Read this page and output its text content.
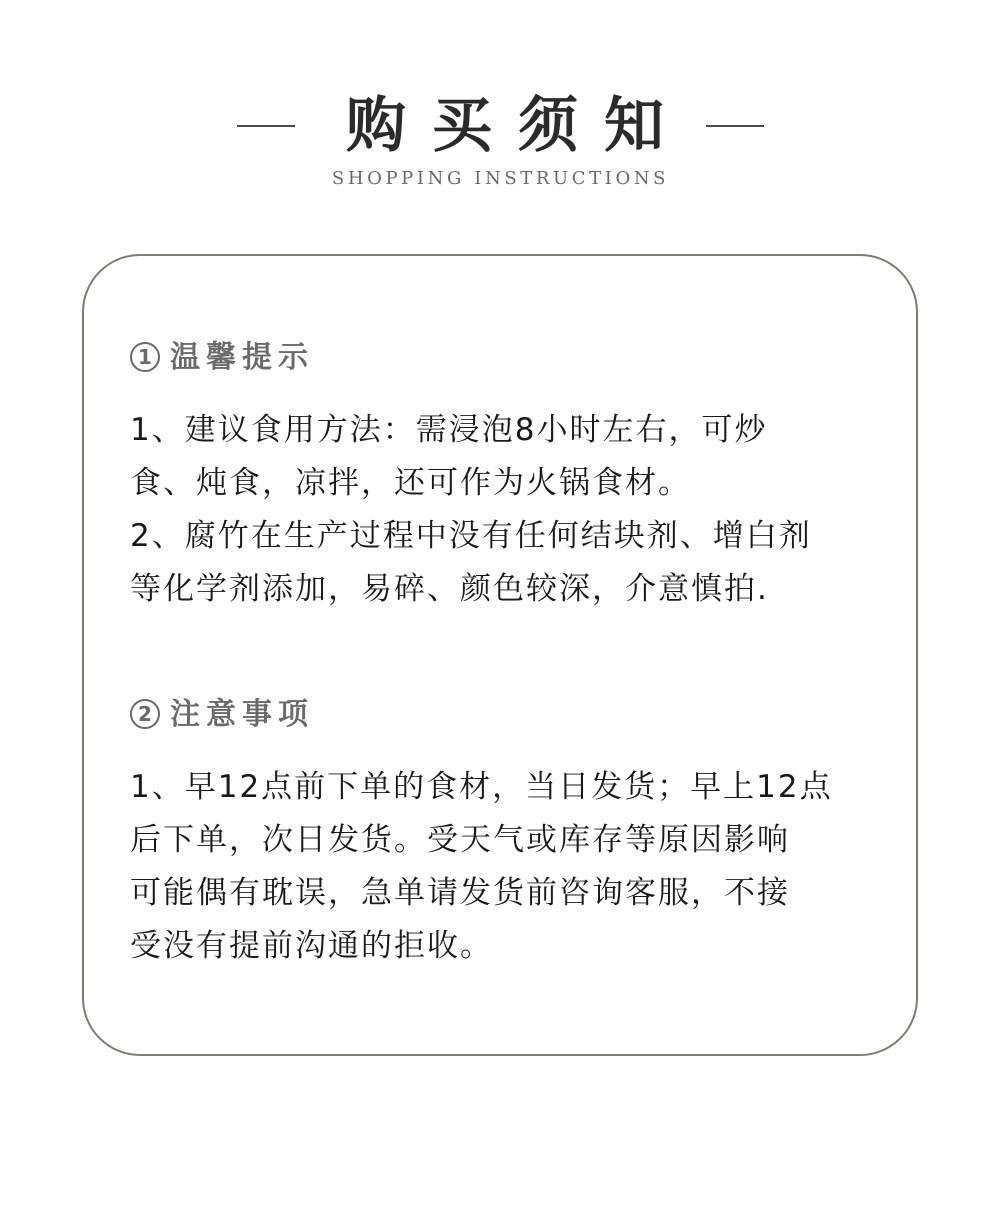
购买须知
SHOPPING INSTRUCTIONS
1 温馨提示
1、建议食用方法：需浸泡8小时左右，可炒
食、炖食，凉拌，还可作为火锅食材。
2、腐竹在生产过程中没有任何结块剂、增白剂
等化学剂添加，易碎、颜色较深，介意慎拍.
2 注意事项
1、早12点前下单的食材，当日发货；早上12点
后下单，次日发货。受天气或库存等原因影响
可能偶有耽误，急单请发货前咨询客服，不接
受没有提前沟通的拒收。
